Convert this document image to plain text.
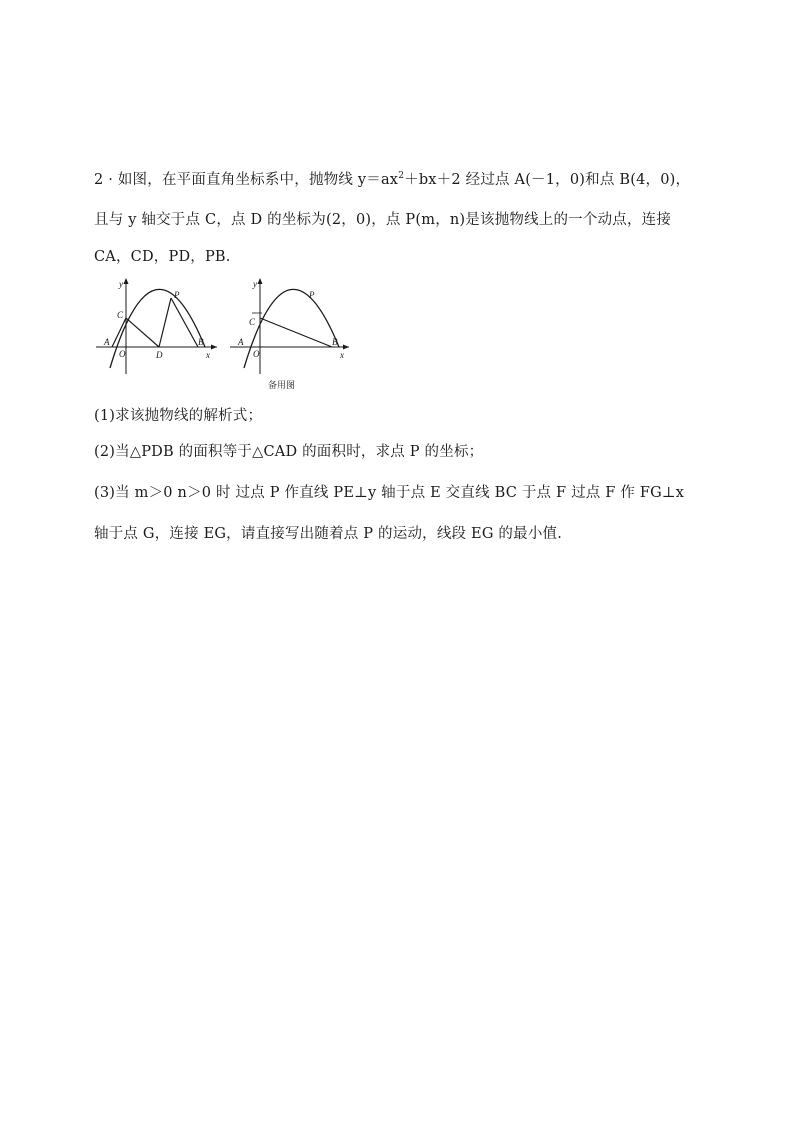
2 · 如图，在平面直角坐标系中，抛物线 $y=ax^2+bx+2$ 经过点 A(－1，0)和点 B(4，0)，
且与 y 轴交于点 C，点 D 的坐标为(2，0)，点 P(m，n)是该抛物线上的一个动点，连接
CA，CD，PD，PB.
y
x
A
O
C
D
B
P
y
x
A
O
C
B
P
备用图
(1)求该抛物线的解析式；
(2)当△PDB 的面积等于△CAD 的面积时，求点 P 的坐标；
(3)当 m＞0 n＞0 时 过点 P 作直线 PE⊥y 轴于点 E 交直线 BC 于点 F 过点 F 作 FG⊥x
轴于点 G，连接 EG，请直接写出随着点 P 的运动，线段 EG 的最小值.
